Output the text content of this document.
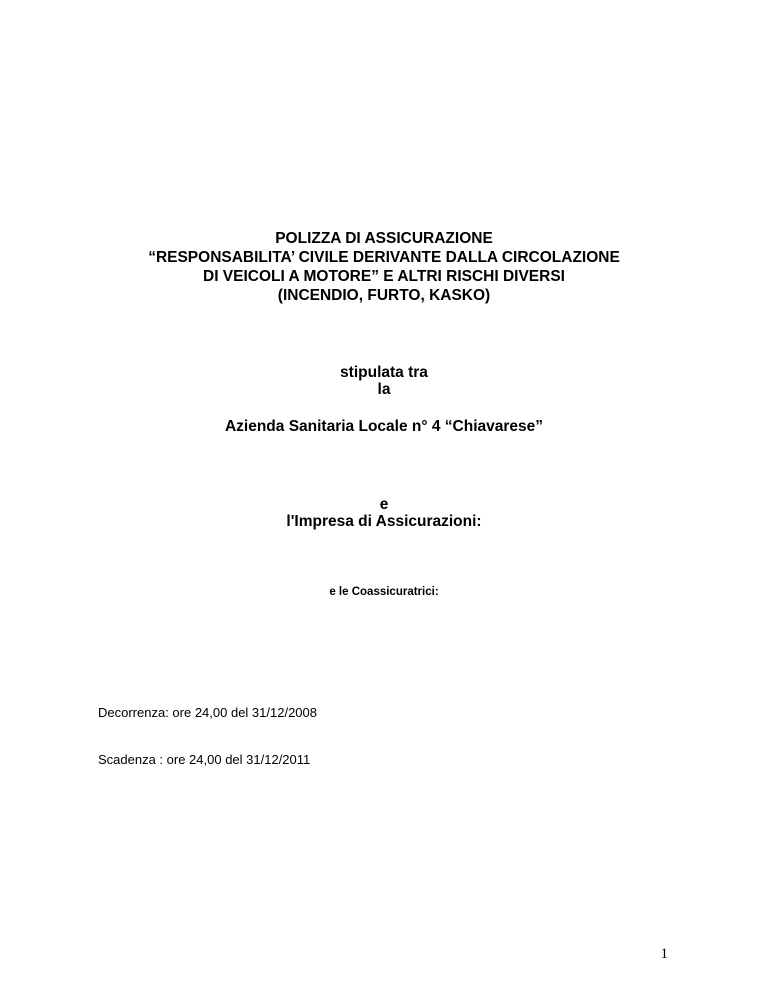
POLIZZA DI ASSICURAZIONE
“RESPONSABILITA’ CIVILE DERIVANTE DALLA CIRCOLAZIONE
DI VEICOLI A MOTORE” E ALTRI RISCHI DIVERSI
(INCENDIO, FURTO, KASKO)
stipulata tra
la
Azienda Sanitaria Locale n° 4 “Chiavarese”
e
l'Impresa di Assicurazioni:
e le Coassicuratrici:
Decorrenza: ore 24,00 del 31/12/2008
Scadenza : ore 24,00 del 31/12/2011
1
